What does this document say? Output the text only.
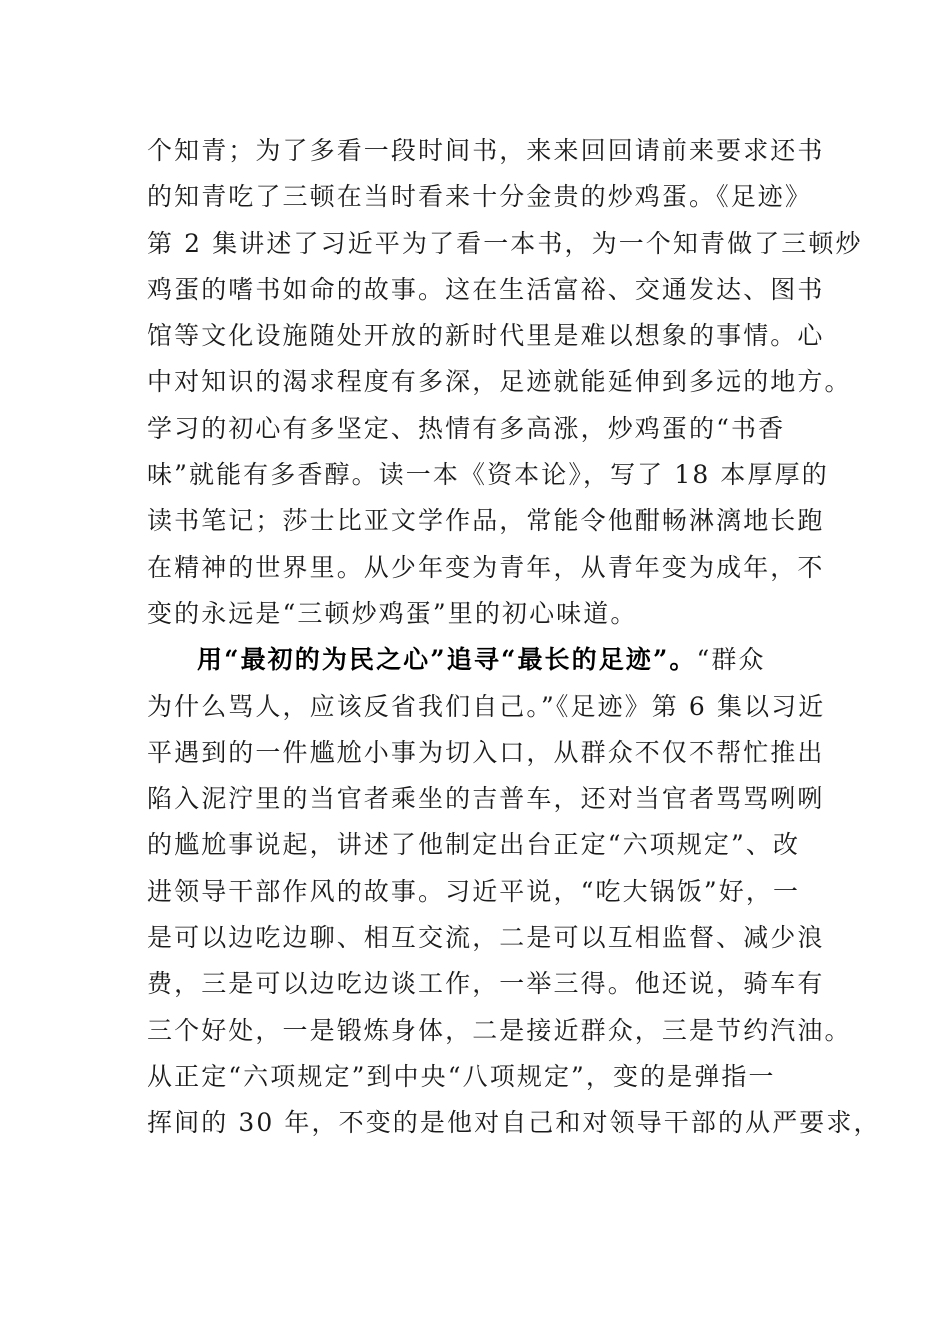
个知青；为了多看一段时间书，来来回回请前来要求还书
的知青吃了三顿在当时看来十分金贵的炒鸡蛋。《足迹》
第 2 集讲述了习近平为了看一本书，为一个知青做了三顿炒
鸡蛋的嗜书如命的故事。这在生活富裕、交通发达、图书
馆等文化设施随处开放的新时代里是难以想象的事情。心
中对知识的渴求程度有多深，足迹就能延伸到多远的地方。
学习的初心有多坚定、热情有多高涨，炒鸡蛋的“书香
味”就能有多香醇。读一本《资本论》，写了 18 本厚厚的
读书笔记；莎士比亚文学作品，常能令他酣畅淋漓地长跑
在精神的世界里。从少年变为青年，从青年变为成年，不
变的永远是“三顿炒鸡蛋”里的初心味道。
用“最初的为民之心”追寻“最长的足迹”。“群众
为什么骂人，应该反省我们自己。”《足迹》第 6 集以习近
平遇到的一件尴尬小事为切入口，从群众不仅不帮忙推出
陷入泥泞里的当官者乘坐的吉普车，还对当官者骂骂咧咧
的尴尬事说起，讲述了他制定出台正定“六项规定”、改
进领导干部作风的故事。习近平说，“吃大锅饭”好，一
是可以边吃边聊、相互交流，二是可以互相监督、减少浪
费，三是可以边吃边谈工作，一举三得。他还说，骑车有
三个好处，一是锻炼身体，二是接近群众，三是节约汽油。
从正定“六项规定”到中央“八项规定”，变的是弹指一
挥间的 30 年，不变的是他对自己和对领导干部的从严要求，
